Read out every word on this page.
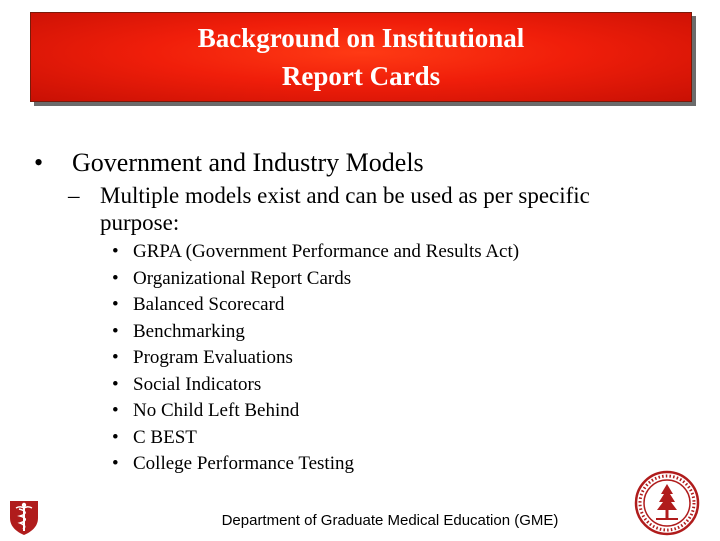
Background on Institutional
Report Cards
• Government and Industry Models
– Multiple models exist and can be used as per specific
purpose:
• GRPA (Government Performance and Results Act)
• Organizational Report Cards
• Balanced Scorecard
• Benchmarking
• Program Evaluations
• Social Indicators
• No Child Left Behind
• C BEST
• College Performance Testing
Department of Graduate Medical Education (GME)
